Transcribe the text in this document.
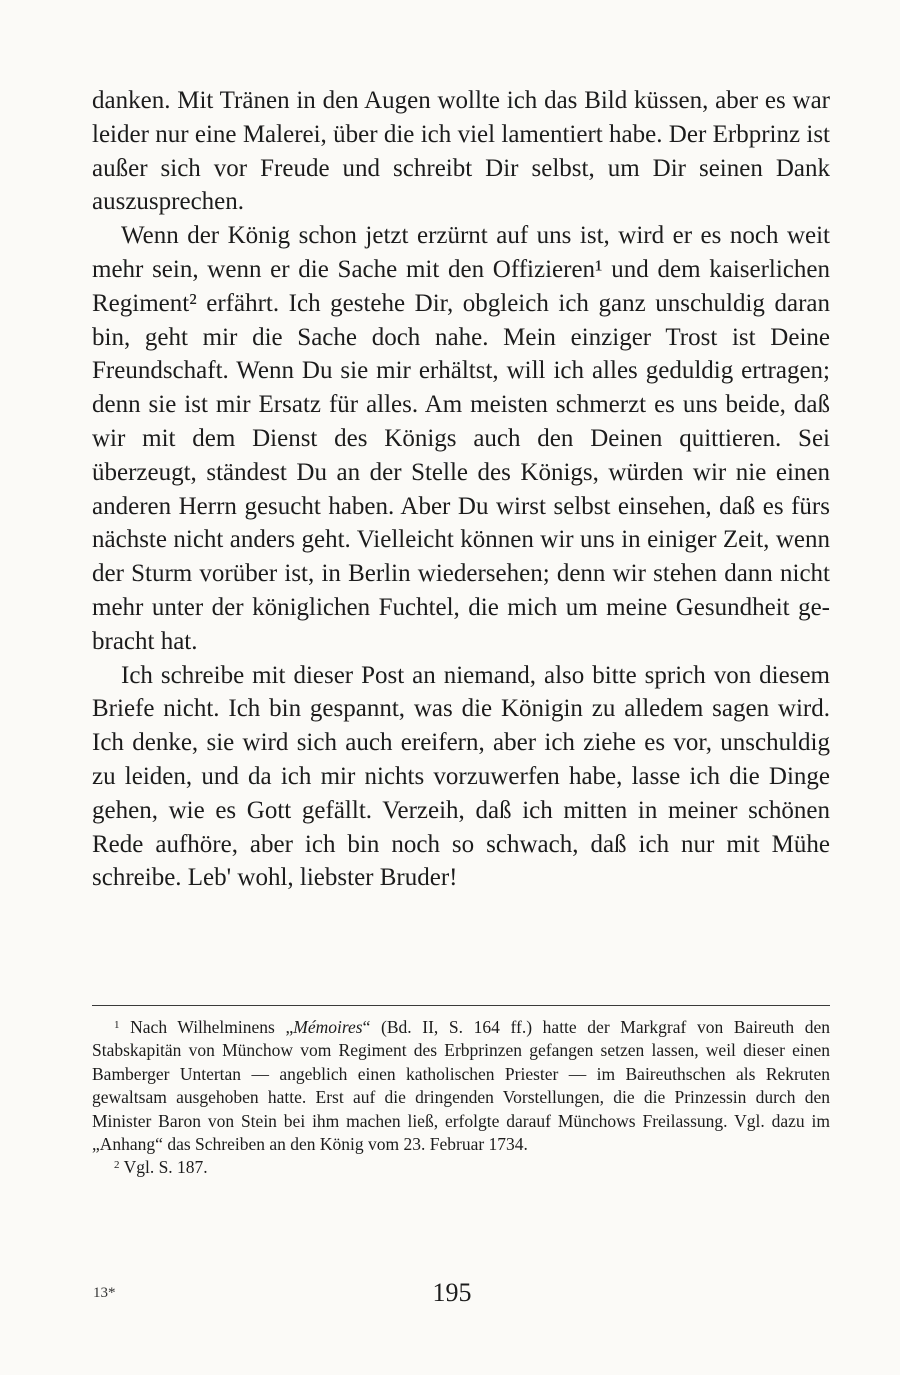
danken. Mit Tränen in den Augen wollte ich das Bild küssen, aber es war leider nur eine Malerei, über die ich viel lamentiert habe. Der Erbprinz ist außer sich vor Freude und schreibt Dir selbst, um Dir seinen Dank auszusprechen.

Wenn der König schon jetzt erzürnt auf uns ist, wird er es noch weit mehr sein, wenn er die Sache mit den Offizieren¹ und dem kaiserlichen Regiment² erfährt. Ich gestehe Dir, obgleich ich ganz unschuldig daran bin, geht mir die Sache doch nahe. Mein einziger Trost ist Deine Freundschaft. Wenn Du sie mir erhältst, will ich alles geduldig ertragen; denn sie ist mir Ersatz für alles. Am meisten schmerzt es uns beide, daß wir mit dem Dienst des Königs auch den Deinen quittieren. Sei überzeugt, ständest Du an der Stelle des Königs, würden wir nie einen anderen Herrn gesucht haben. Aber Du wirst selbst einsehen, daß es fürs nächste nicht anders geht. Vielleicht können wir uns in einiger Zeit, wenn der Sturm vorüber ist, in Berlin wiedersehen; denn wir stehen dann nicht mehr unter der königlichen Fuchtel, die mich um meine Gesundheit ge-bracht hat.

Ich schreibe mit dieser Post an niemand, also bitte sprich von diesem Briefe nicht. Ich bin gespannt, was die Königin zu alledem sagen wird. Ich denke, sie wird sich auch ereifern, aber ich ziehe es vor, unschuldig zu leiden, und da ich mir nichts vorzuwerfen habe, lasse ich die Dinge gehen, wie es Gott gefällt. Verzeih, daß ich mitten in meiner schönen Rede aufhöre, aber ich bin noch so schwach, daß ich nur mit Mühe schreibe. Leb' wohl, liebster Bruder!

$^1$ Nach Wilhelminens „Mémoires“ (Bd. II, S. 164 ff.) hatte der Markgraf von Baireuth den Stabskapitän von Münchow vom Regiment des Erbprinzen gefangen setzen lassen, weil dieser einen Bamberger Untertan — angeblich einen katholischen Priester — im Baireuthschen als Rekruten gewaltsam ausgehoben hatte. Erst auf die dringenden Vorstellungen, die die Prinzessin durch den Minister Baron von Stein bei ihm machen ließ, erfolgte darauf Münchows Freilassung. Vgl. dazu im „Anhang“ das Schreiben an den König vom 23. Februar 1734.

$^2$ Vgl. S. 187.

13*	195
